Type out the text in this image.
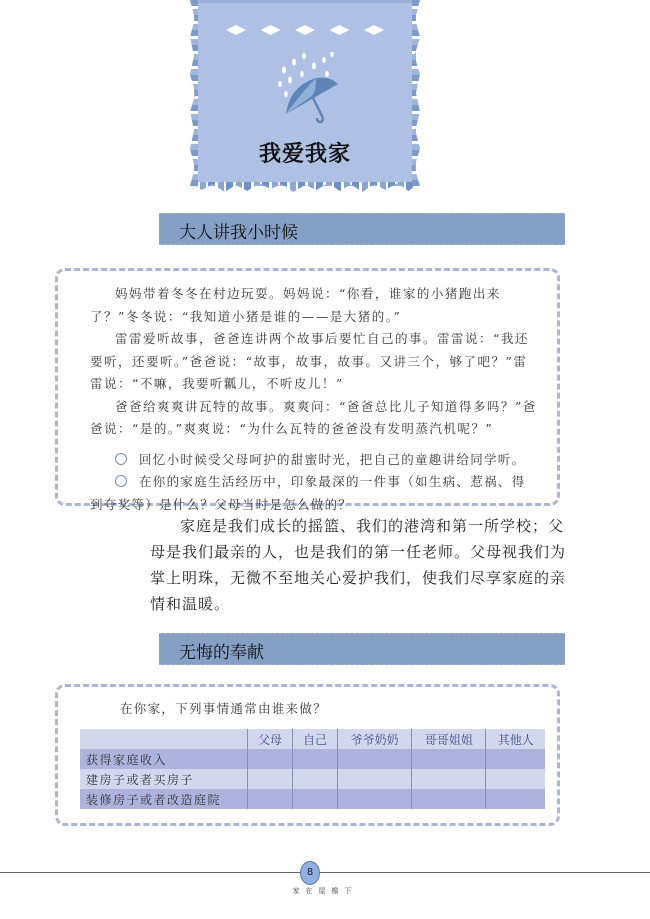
我爱我家
大人讲我小时候

妈妈带着冬冬在村边玩耍。妈妈说：“你看，谁家的小猪跑出来了？”冬冬说：“我知道小猪是谁的——是大猪的。”

雷雷爱听故事，爸爸连讲两个故事后要忙自己的事。雷雷说：“我还要听，还要听。”爸爸说：“故事，故事，故事。又讲三个，够了吧？”雷雷说：“不嘛，我要听瓤儿，不听皮儿！”

爸爸给爽爽讲瓦特的故事。爽爽问：“爸爸总比儿子知道得多吗？”爸爸说：“是的。”爽爽说：“为什么瓦特的爸爸没有发明蒸汽机呢？”

回忆小时候受父母呵护的甜蜜时光，把自己的童趣讲给同学听。

在你的家庭生活经历中，印象最深的一件事（如生病、惹祸、得到夸奖等）是什么？父母当时是怎么做的？

家庭是我们成长的摇篮、我们的港湾和第一所学校；父母是我们最亲的人，也是我们的第一任老师。父母视我们为掌上明珠，无微不至地关心爱护我们，使我们尽享家庭的亲情和温暖。

无悔的奉献
在你家，下列事情通常由谁来做？
	父母	自己	爷爷奶奶	哥哥姐姐	其他人
获得家庭收入					
建房子或者买房子					
装修房子或者改造庭院					
8
家在屋檐下
